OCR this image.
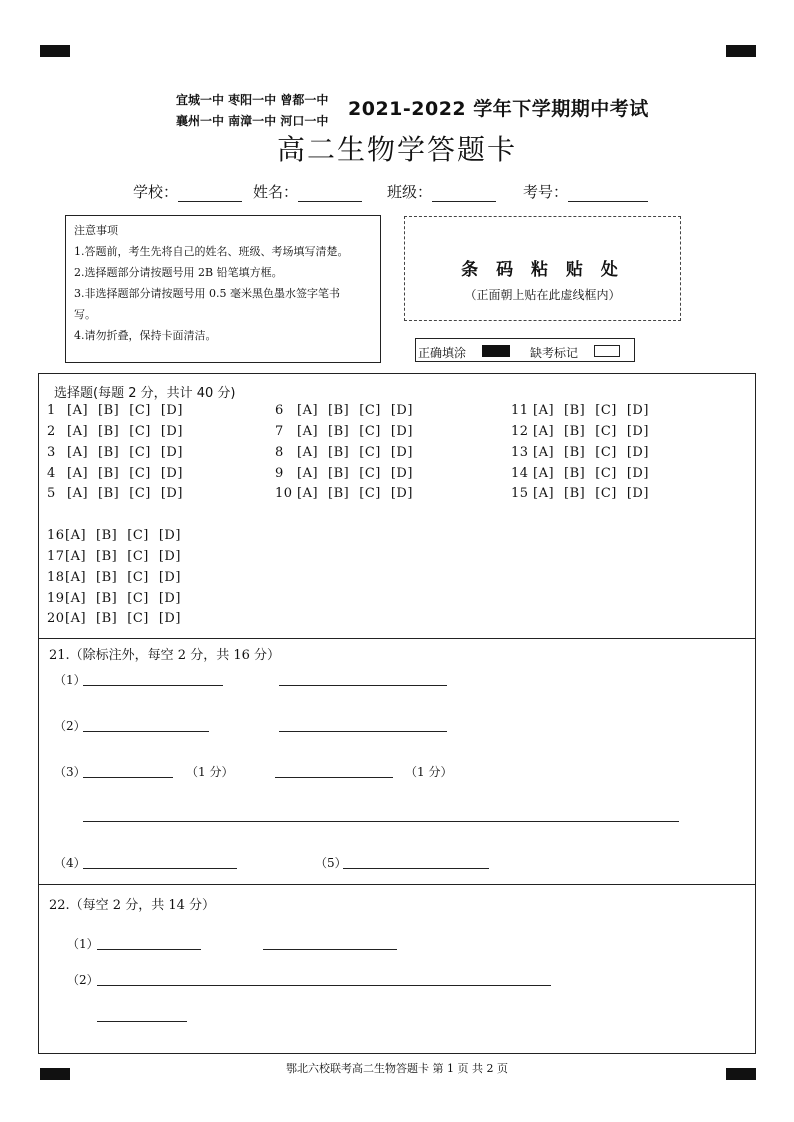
宜城一中 枣阳一中 曾都一中
襄州一中 南漳一中 河口一中
2021-2022 学年下学期期中考试
高二生物学答题卡
学校：	姓名：	班级：	考号：
注意事项
1.答题前，考生先将自己的姓名、班级、考场填写清楚。
2.选择题部分请按题号用 2B 铅笔填方框。
3.非选择题部分请按题号用 0.5 毫米黑色墨水签字笔书
写。
4.请勿折叠，保持卡面清洁。
条 码 粘 贴 处
（正面朝上贴在此虚线框内）
正确填涂	缺考标记
选择题(每题 2 分，共计 40 分)
1 [A] [B] [C] [D]
2 [A] [B] [C] [D]
3 [A] [B] [C] [D]
4 [A] [B] [C] [D]
5 [A] [B] [C] [D]
6 [A] [B] [C] [D]
7 [A] [B] [C] [D]
8 [A] [B] [C] [D]
9 [A] [B] [C] [D]
10 [A] [B] [C] [D]
11 [A] [B] [C] [D]
12 [A] [B] [C] [D]
13 [A] [B] [C] [D]
14 [A] [B] [C] [D]
15 [A] [B] [C] [D]
16[A] [B] [C] [D]
17[A] [B] [C] [D]
18[A] [B] [C] [D]
19[A] [B] [C] [D]
20[A] [B] [C] [D]
21.（除标注外，每空 2 分，共 16 分）
（1）
（2）
（3）	（1 分）	（1 分）
（4）	（5）
22.（每空 2 分，共 14 分）
（1）
（2）
鄂北六校联考高二生物答题卡 第 1 页 共 2 页
